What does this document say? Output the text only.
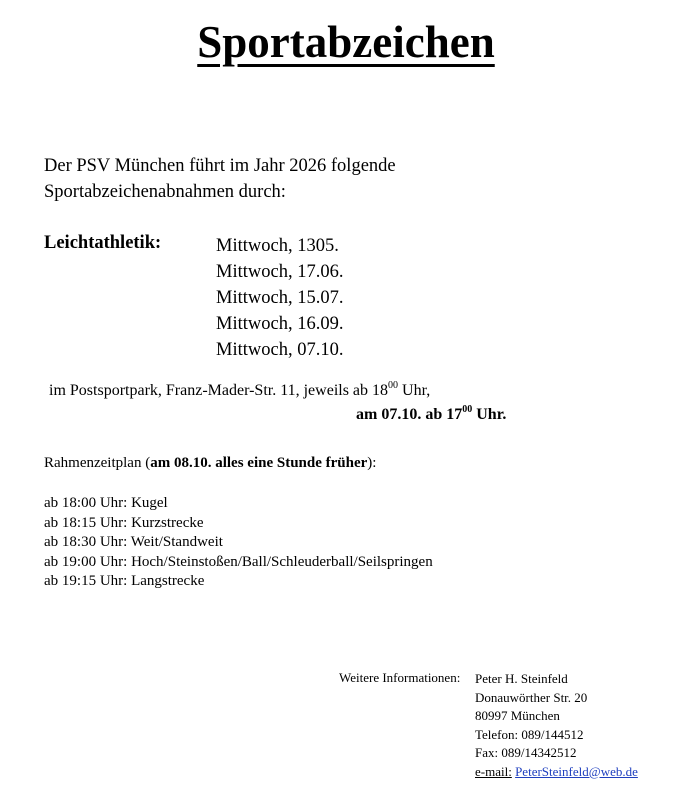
Sportabzeichen
Der PSV München führt im Jahr 2026 folgende
Sportabzeichenabnahmen durch:
Leichtathletik:	Mittwoch, 1305.
Mittwoch, 17.06.
Mittwoch, 15.07.
Mittwoch, 16.09.
Mittwoch, 07.10.
im Postsportpark, Franz-Mader-Str. 11, jeweils ab $18^{00}$ Uhr,
am 07.10. ab $17^{00}$ Uhr.
Rahmenzeitplan (am 08.10. alles eine Stunde früher):
ab 18:00 Uhr: Kugel
ab 18:15 Uhr: Kurzstrecke
ab 18:30 Uhr: Weit/Standweit
ab 19:00 Uhr: Hoch/Steinstoßen/Ball/Schleuderball/Seilspringen
ab 19:15 Uhr: Langstrecke
Weitere Informationen: Peter H. Steinfeld
Donauwörther Str. 20
80997 München
Telefon: 089/144512
Fax: 089/14342512
e-mail: PeterSteinfeld@web.de
